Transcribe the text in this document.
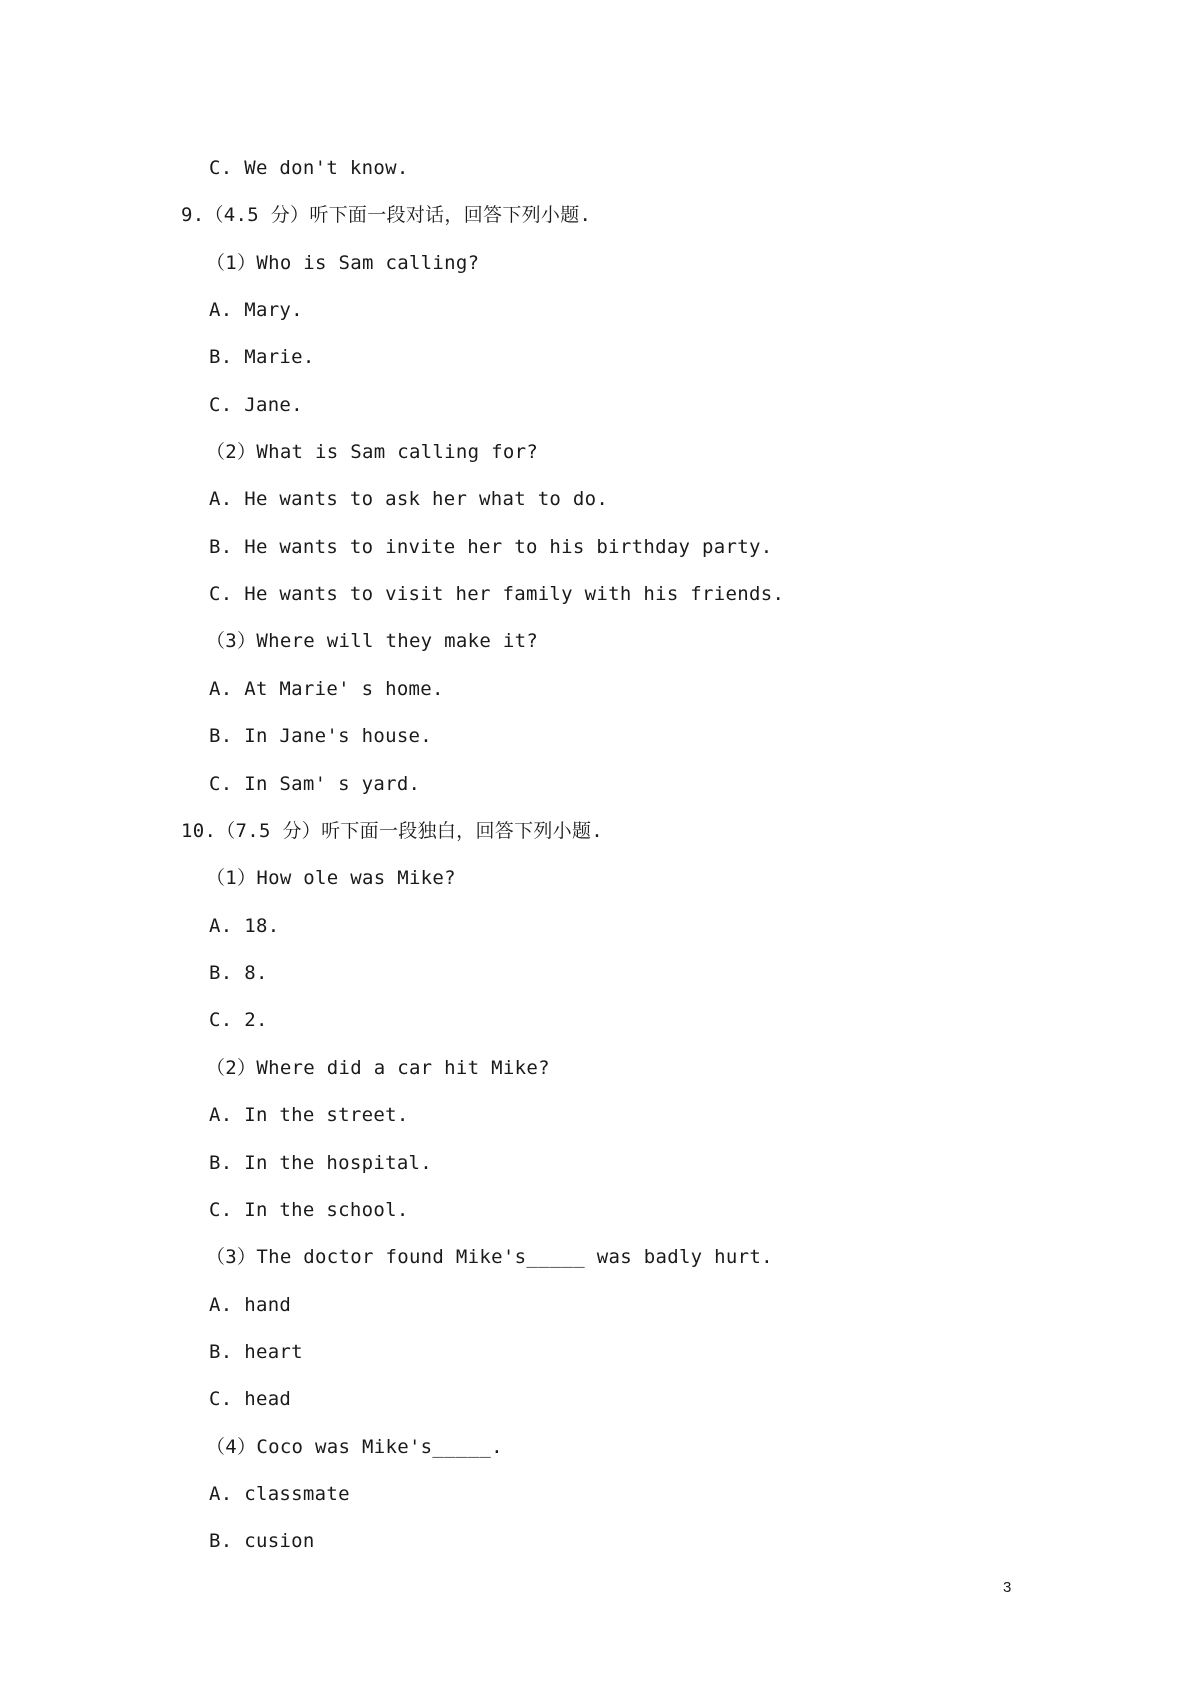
C. We don't know.
9.（4.5 分）听下面一段对话，回答下列小题.
（1）Who is Sam calling?
A. Mary.
B. Marie.
C. Jane.
（2）What is Sam calling for?
A. He wants to ask her what to do.
B. He wants to invite her to his birthday party.
C. He wants to visit her family with his friends.
（3）Where will they make it?
A. At Marie' s home.
B. In Jane's house.
C. In Sam' s yard.
10.（7.5 分）听下面一段独白，回答下列小题.
（1）How ole was Mike?
A. 18.
B. 8.
C. 2.
（2）Where did a car hit Mike?
A. In the street.
B. In the hospital.
C. In the school.
（3）The doctor found Mike's_____ was badly hurt.
A. hand
B. heart
C. head
（4）Coco was Mike's_____.
A. classmate
B. cusion
3
